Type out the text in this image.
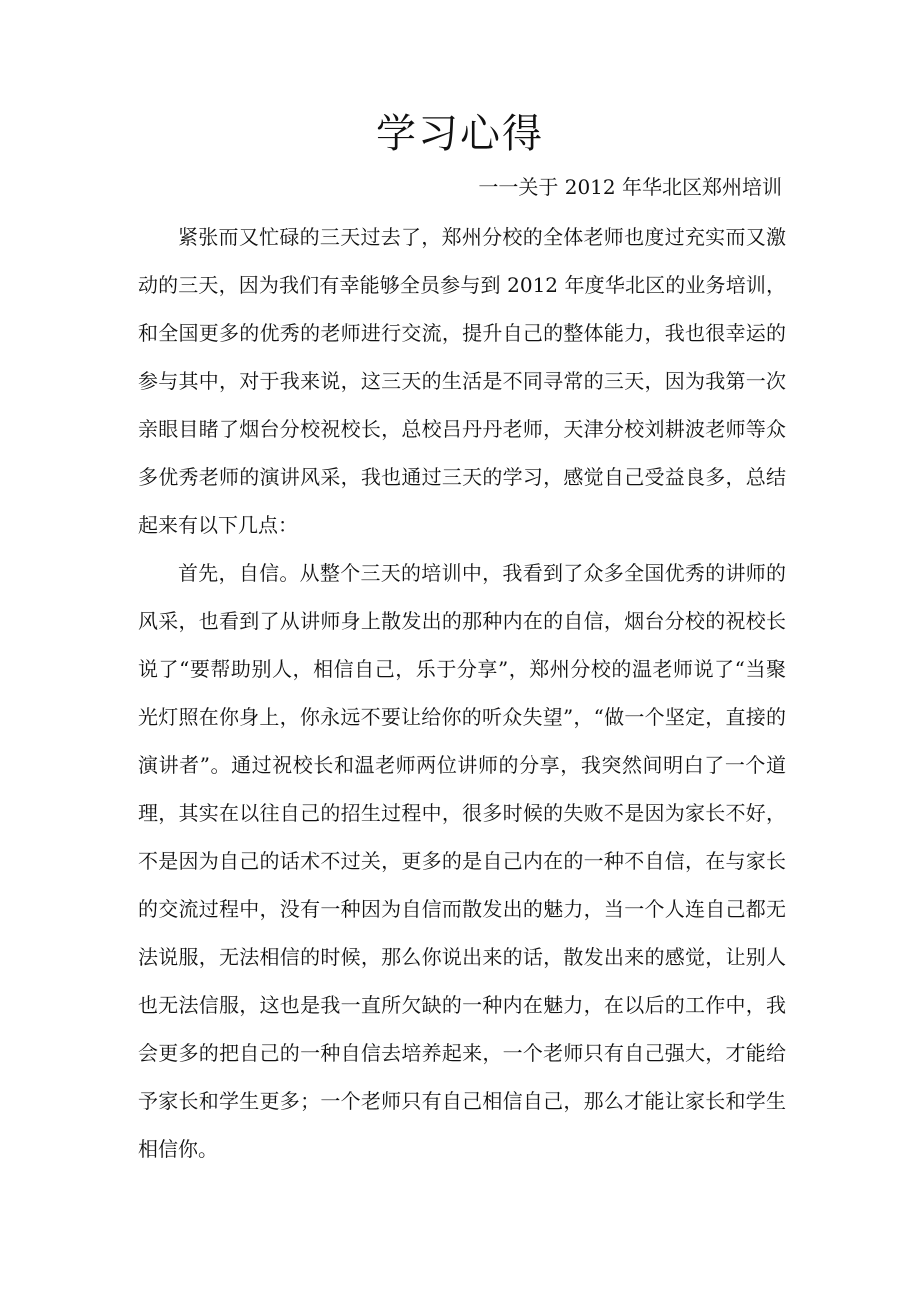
学习心得
一一关于 2012 年华北区郑州培训

紧张而又忙碌的三天过去了，郑州分校的全体老师也度过充实而又激动的三天，因为我们有幸能够全员参与到 2012 年度华北区的业务培训，和全国更多的优秀的老师进行交流，提升自己的整体能力，我也很幸运的参与其中，对于我来说，这三天的生活是不同寻常的三天，因为我第一次亲眼目睹了烟台分校祝校长，总校吕丹丹老师，天津分校刘耕波老师等众多优秀老师的演讲风采，我也通过三天的学习，感觉自己受益良多，总结起来有以下几点：

首先，自信。从整个三天的培训中，我看到了众多全国优秀的讲师的风采，也看到了从讲师身上散发出的那种内在的自信，烟台分校的祝校长说了“要帮助别人，相信自己，乐于分享”，郑州分校的温老师说了“当聚光灯照在你身上，你永远不要让给你的听众失望”，“做一个坚定，直接的演讲者”。通过祝校长和温老师两位讲师的分享，我突然间明白了一个道理，其实在以往自己的招生过程中，很多时候的失败不是因为家长不好，不是因为自己的话术不过关，更多的是自己内在的一种不自信，在与家长的交流过程中，没有一种因为自信而散发出的魅力，当一个人连自己都无法说服，无法相信的时候，那么你说出来的话，散发出来的感觉，让别人也无法信服，这也是我一直所欠缺的一种内在魅力，在以后的工作中，我会更多的把自己的一种自信去培养起来，一个老师只有自己强大，才能给予家长和学生更多；一个老师只有自己相信自己，那么才能让家长和学生相信你。
